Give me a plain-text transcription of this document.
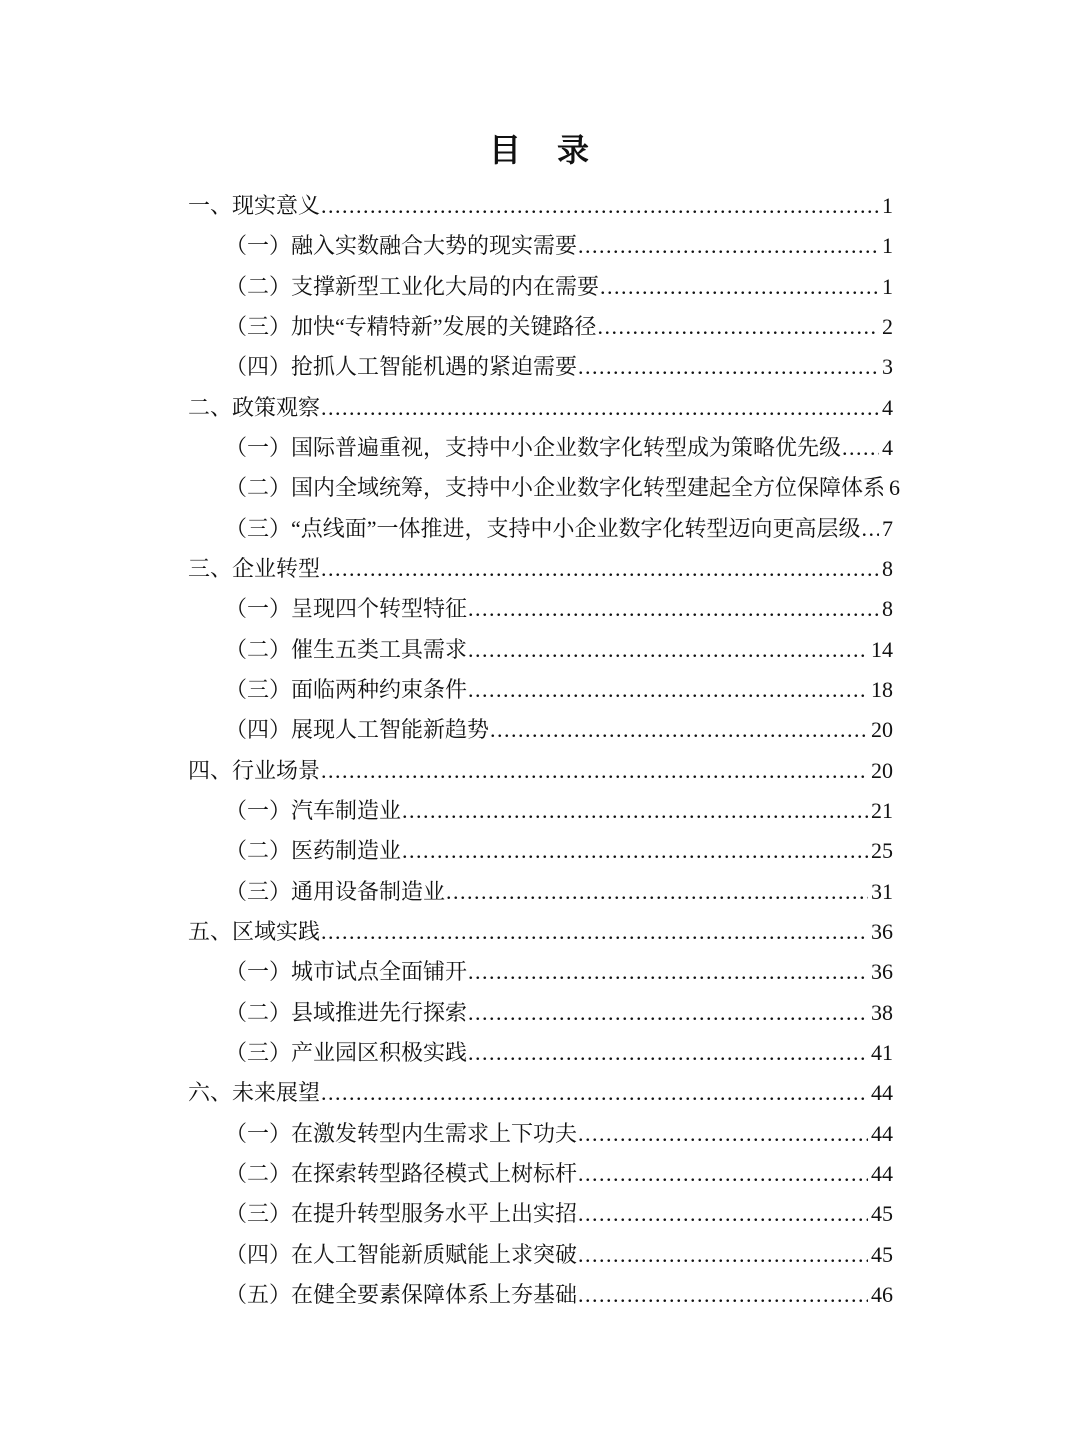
目　录
一、现实意义 .....	1
（一）融入实数融合大势的现实需要 .....	1
（二）支撑新型工业化大局的内在需要 .....	1
（三）加快“专精特新”发展的关键路径 .....	2
（四）抢抓人工智能机遇的紧迫需要 .....	3
二、政策观察 .....	4
（一）国际普遍重视，支持中小企业数字化转型成为策略优先级 ..... 4
（二）国内全域统筹，支持中小企业数字化转型建起全方位保障体系 6
（三）“点线面”一体推进，支持中小企业数字化转型迈向更高层级 ..... 7
三、企业转型 .....	8
（一）呈现四个转型特征 .....	8
（二）催生五类工具需求 .....	14
（三）面临两种约束条件 .....	18
（四）展现人工智能新趋势 .....	20
四、行业场景 .....	20
（一）汽车制造业 .....	21
（二）医药制造业 .....	25
（三）通用设备制造业 .....	31
五、区域实践 .....	36
（一）城市试点全面铺开 .....	36
（二）县域推进先行探索 .....	38
（三）产业园区积极实践 .....	41
六、未来展望 .....	44
（一）在激发转型内生需求上下功夫 .....	44
（二）在探索转型路径模式上树标杆 .....	44
（三）在提升转型服务水平上出实招 .....	45
（四）在人工智能新质赋能上求突破 .....	45
（五）在健全要素保障体系上夯基础 .....	46
